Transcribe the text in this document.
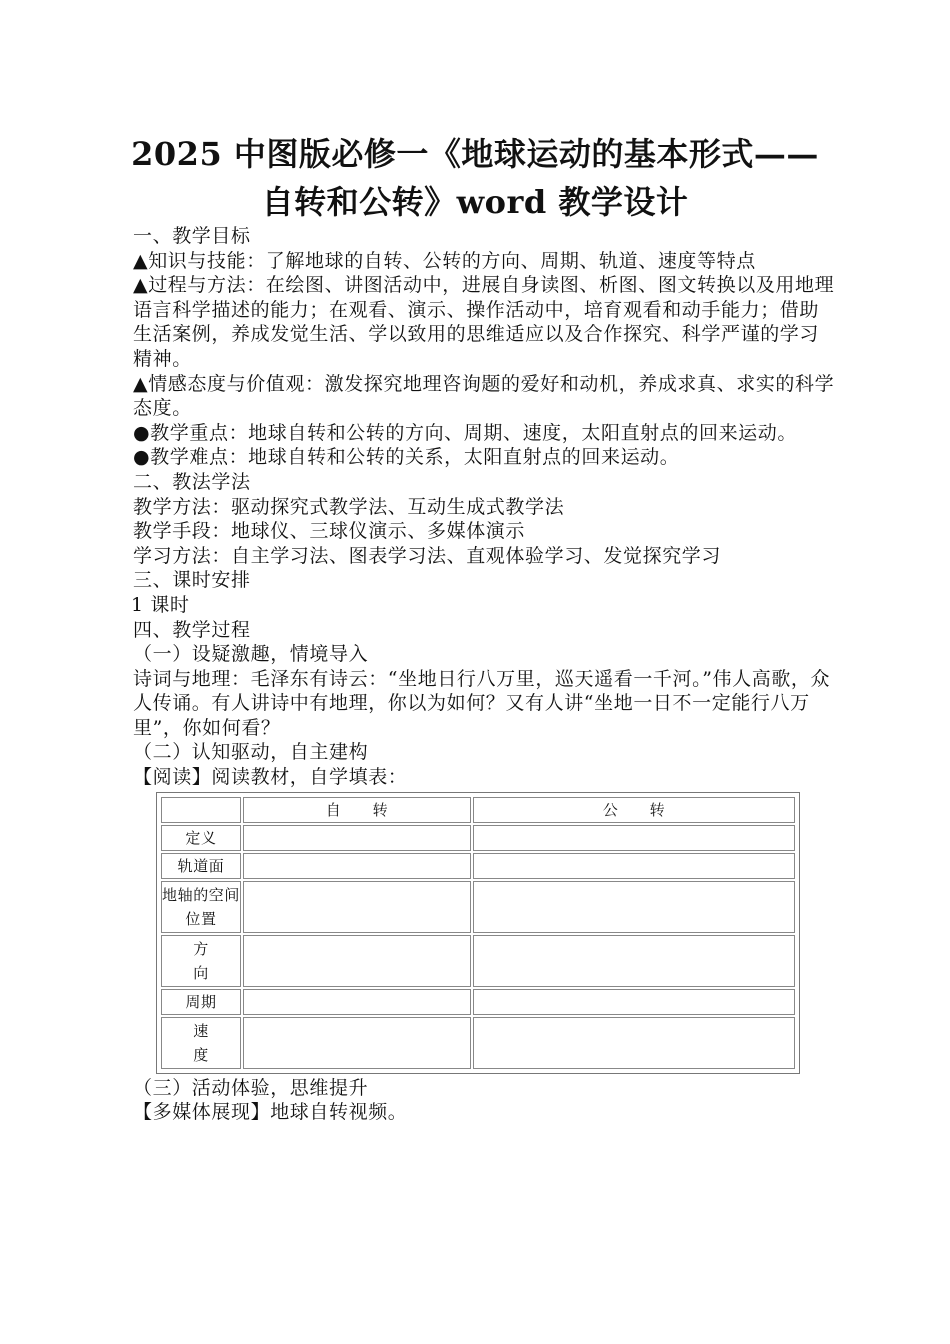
2025 中图版必修一《地球运动的基本形式——
自转和公转》word 教学设计

一、教学目标

▲知识与技能：了解地球的自转、公转的方向、周期、轨道、速度等特点

▲过程与方法：在绘图、讲图活动中，进展自身读图、析图、图文转换以及用地理语言科学描述的能力；在观看、演示、操作活动中，培育观看和动手能力；借助生活案例，养成发觉生活、学以致用的思维适应以及合作探究、科学严谨的学习精神。

▲情感态度与价值观：激发探究地理咨询题的爱好和动机，养成求真、求实的科学态度。

●教学重点：地球自转和公转的方向、周期、速度，太阳直射点的回来运动。

●教学难点：地球自转和公转的关系，太阳直射点的回来运动。

二、教法学法

教学方法：驱动探究式教学法、互动生成式教学法

教学手段：地球仪、三球仪演示、多媒体演示

学习方法：自主学习法、图表学习法、直观体验学习、发觉探究学习

三、课时安排

1 课时

四、教学过程

（一）设疑激趣，情境导入

诗词与地理：毛泽东有诗云：“坐地日行八万里，巡天遥看一千河。”伟人高歌，众人传诵。有人讲诗中有地理，你以为如何？又有人讲“坐地一日不一定能行八万里”，你如何看？

（二）认知驱动，自主建构

【阅读】阅读教材，自学填表：

	自　　转	公　　转
定义		
轨道面		

地轴的空间
位置		

方
向		

周期		

速
度		

（三）活动体验，思维提升

【多媒体展现】地球自转视频。
